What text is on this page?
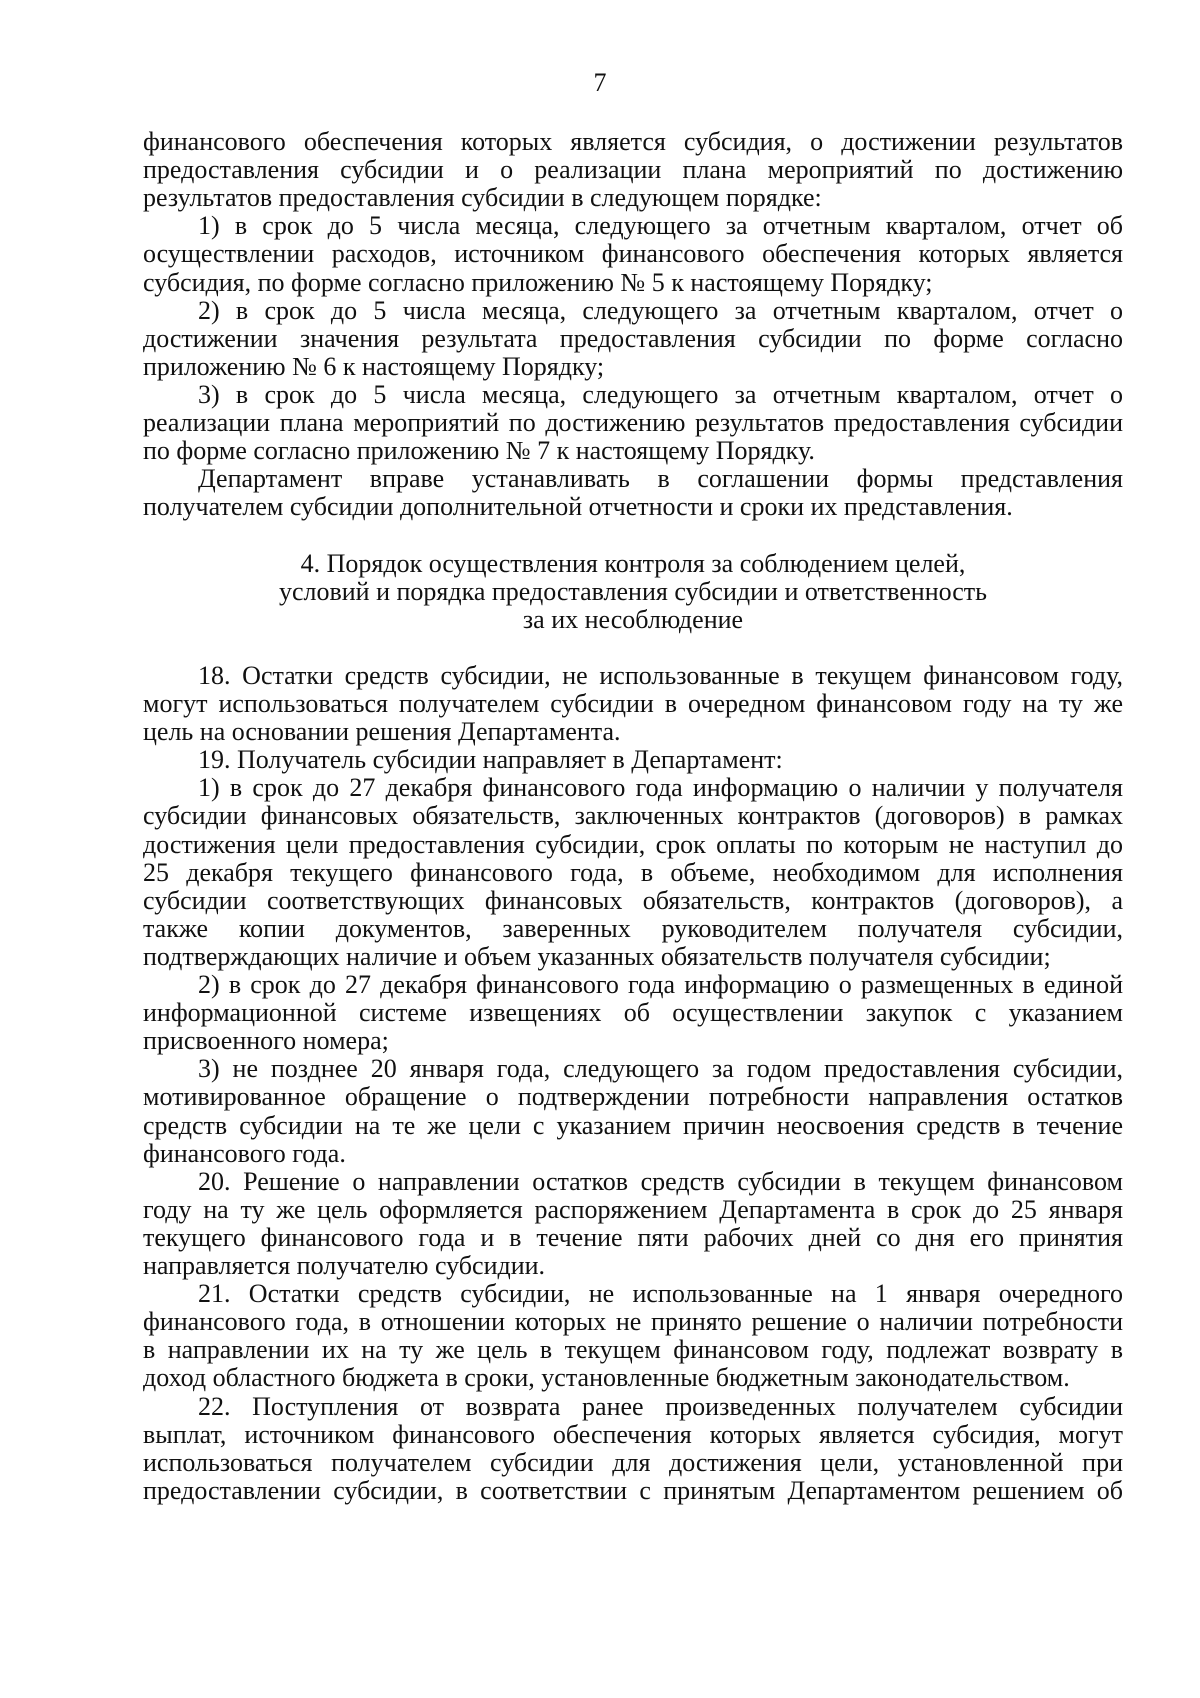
7
финансового обеспечения которых является субсидия, о достижении результатов
предоставления субсидии и о реализации плана мероприятий по достижению
результатов предоставления субсидии в следующем порядке:
1) в срок до 5 числа месяца, следующего за отчетным кварталом, отчет об
осуществлении расходов, источником финансового обеспечения которых является
субсидия, по форме согласно приложению № 5 к настоящему Порядку;
2) в срок до 5 числа месяца, следующего за отчетным кварталом, отчет о
достижении значения результата предоставления субсидии по форме согласно
приложению № 6 к настоящему Порядку;
3) в срок до 5 числа месяца, следующего за отчетным кварталом, отчет о
реализации плана мероприятий по достижению результатов предоставления субсидии
по форме согласно приложению № 7 к настоящему Порядку.
Департамент вправе устанавливать в соглашении формы представления
получателем субсидии дополнительной отчетности и сроки их представления.
4. Порядок осуществления контроля за соблюдением целей,
условий и порядка предоставления субсидии и ответственность
за их несоблюдение
18. Остатки средств субсидии, не использованные в текущем финансовом году,
могут использоваться получателем субсидии в очередном финансовом году на ту же
цель на основании решения Департамента.
19. Получатель субсидии направляет в Департамент:
1) в срок до 27 декабря финансового года информацию о наличии у получателя
субсидии финансовых обязательств, заключенных контрактов (договоров) в рамках
достижения цели предоставления субсидии, срок оплаты по которым не наступил до
25 декабря текущего финансового года, в объеме, необходимом для исполнения
субсидии соответствующих финансовых обязательств, контрактов (договоров), а
также копии документов, заверенных руководителем получателя субсидии,
подтверждающих наличие и объем указанных обязательств получателя субсидии;
2) в срок до 27 декабря финансового года информацию о размещенных в единой
информационной системе извещениях об осуществлении закупок с указанием
присвоенного номера;
3) не позднее 20 января года, следующего за годом предоставления субсидии,
мотивированное обращение о подтверждении потребности направления остатков
средств субсидии на те же цели с указанием причин неосвоения средств в течение
финансового года.
20. Решение о направлении остатков средств субсидии в текущем финансовом
году на ту же цель оформляется распоряжением Департамента в срок до 25 января
текущего финансового года и в течение пяти рабочих дней со дня его принятия
направляется получателю субсидии.
21. Остатки средств субсидии, не использованные на 1 января очередного
финансового года, в отношении которых не принято решение о наличии потребности
в направлении их на ту же цель в текущем финансовом году, подлежат возврату в
доход областного бюджета в сроки, установленные бюджетным законодательством.
22. Поступления от возврата ранее произведенных получателем субсидии
выплат, источником финансового обеспечения которых является субсидия, могут
использоваться получателем субсидии для достижения цели, установленной при
предоставлении субсидии, в соответствии с принятым Департаментом решением об
